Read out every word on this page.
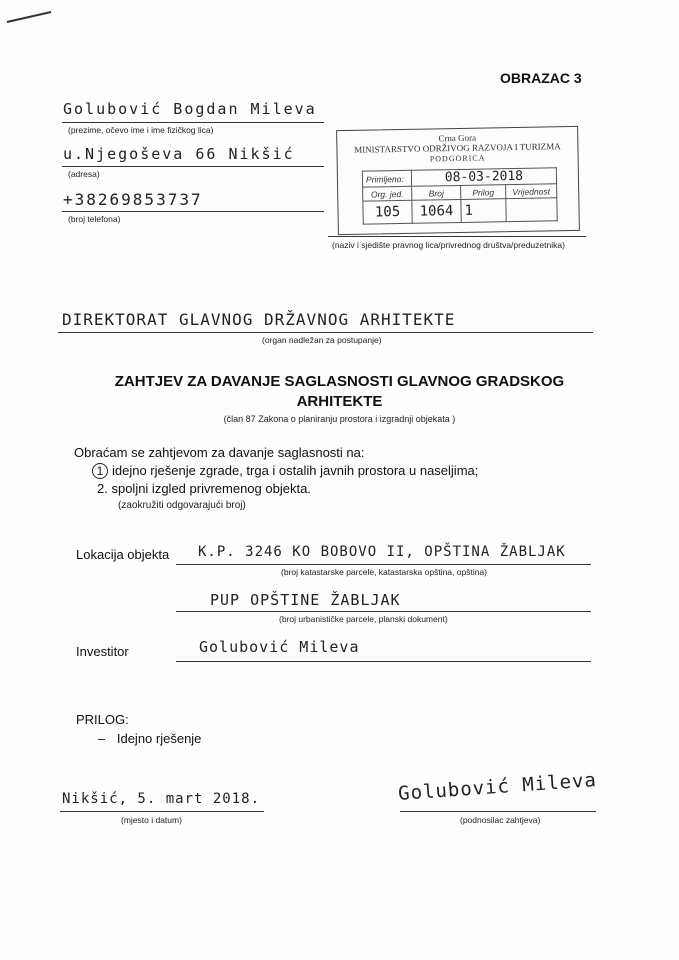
OBRAZAC 3
Golubović Bogdan Mileva
(prezime, očevo ime i ime fizičkog lica)
u.Njegoševa 66 Nikšić
(adresa)
+38269853737
(broj telefona)
Crna Gora
MINISTARSTVO ODRŽIVOG RAZVOJA I TURIZMA
PODGORICA
Primljeno:	08-03-2018		
Org. jed.	Broj	Prilog	Vrijednost
105	1064	1	
(naziv i sjedište pravnog lica/privrednog društva/preduzetnika)
DIREKTORAT GLAVNOG DRŽAVNOG ARHITEKTE
(organ nadležan za postupanje)
ZAHTJEV ZA DAVANJE SAGLASNOSTI GLAVNOG GRADSKOG
ARHITEKTE
(član 87 Zakona o planiranju prostora i izgradnji objekata )
Obraćam se zahtjevom za davanje saglasnosti na:
1 idejno rješenje zgrade, trga i ostalih javnih prostora u naseljima;
2. spoljni izgled privremenog objekta.
(zaokružiti odgovarajući broj)
Lokacija objekta K.P. 3246 KO BOBOVO II, OPŠTINA ŽABLJAK
(broj katastarske parcele, katastarska opština, opština)
PUP OPŠTINE ŽABLJAK
(broj urbanističke parcele, planski dokument)
Investitor	Golubović Mileva
PRILOG:
– Idejno rješenje
Nikšić, 5. mart 2018.
(mjesto i datum)
Golubović Mileva
(podnosilac zahtjeva)
